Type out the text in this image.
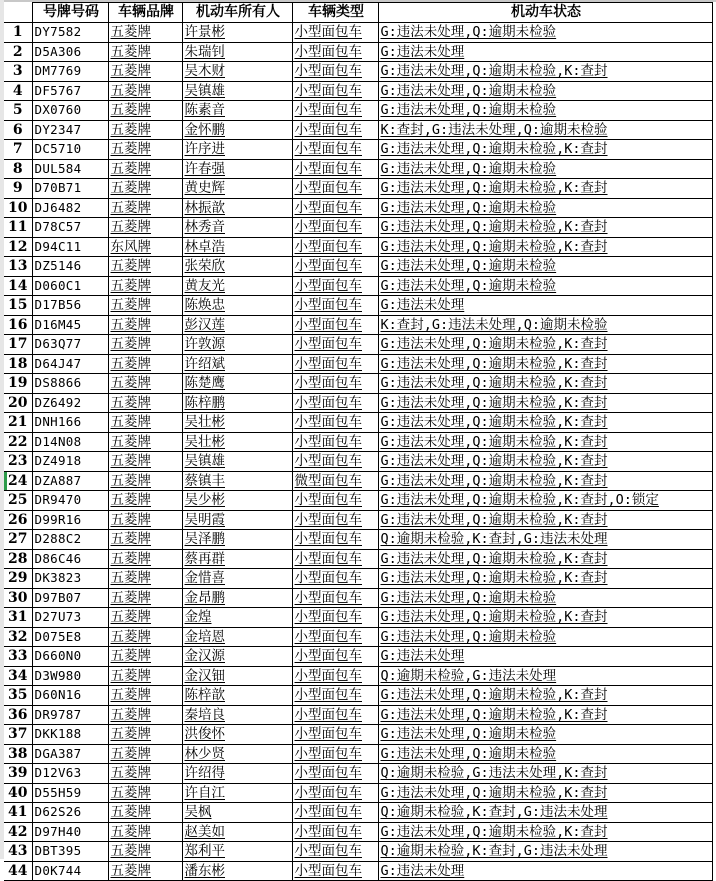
	号牌号码	车辆品牌	机动车所有人	车辆类型	机动车状态
1	DY7582	五菱牌	许景彬	小型面包车	G:违法未处理,Q:逾期未检验
2	D5A306	五菱牌	朱瑞钊	小型面包车	G:违法未处理
3	DM7769	五菱牌	吴木财	小型面包车	G:违法未处理,Q:逾期未检验,K:查封
4	DF5767	五菱牌	吴镇雄	小型面包车	G:违法未处理,Q:逾期未检验
5	DX0760	五菱牌	陈素音	小型面包车	G:违法未处理,Q:逾期未检验
6	DY2347	五菱牌	金怀鹏	小型面包车	K:查封,G:违法未处理,Q:逾期未检验
7	DC5710	五菱牌	许序进	小型面包车	G:违法未处理,Q:逾期未检验,K:查封
8	DUL584	五菱牌	许春强	小型面包车	G:违法未处理,Q:逾期未检验
9	D70B71	五菱牌	黄史辉	小型面包车	G:违法未处理,Q:逾期未检验,K:查封
10	DJ6482	五菱牌	林振歆	小型面包车	G:违法未处理,Q:逾期未检验
11	D78C57	五菱牌	林秀音	小型面包车	G:违法未处理,Q:逾期未检验,K:查封
12	D94C11	东风牌	林卓浩	小型面包车	G:违法未处理,Q:逾期未检验,K:查封
13	DZ5146	五菱牌	张荣欣	小型面包车	G:违法未处理,Q:逾期未检验
14	D060C1	五菱牌	黄友光	小型面包车	G:违法未处理,Q:逾期未检验
15	D17B56	五菱牌	陈焕忠	小型面包车	G:违法未处理
16	D16M45	五菱牌	彭汉莲	小型面包车	K:查封,G:违法未处理,Q:逾期未检验
17	D63Q77	五菱牌	许敦源	小型面包车	G:违法未处理,Q:逾期未检验,K:查封
18	D64J47	五菱牌	许绍斌	小型面包车	G:违法未处理,Q:逾期未检验,K:查封
19	DS8866	五菱牌	陈楚鹰	小型面包车	G:违法未处理,Q:逾期未检验,K:查封
20	DZ6492	五菱牌	陈梓鹏	小型面包车	G:违法未处理,Q:逾期未检验,K:查封
21	DNH166	五菱牌	吴壮彬	小型面包车	G:违法未处理,Q:逾期未检验,K:查封
22	D14N08	五菱牌	吴壮彬	小型面包车	G:违法未处理,Q:逾期未检验,K:查封
23	DZ4918	五菱牌	吴镇雄	小型面包车	G:违法未处理,Q:逾期未检验,K:查封
24	DZA887	五菱牌	蔡镇丰	微型面包车	G:违法未处理,Q:逾期未检验,K:查封
25	DR9470	五菱牌	吴少彬	小型面包车	G:违法未处理,Q:逾期未检验,K:查封,O:锁定
26	D99R16	五菱牌	吴明霞	小型面包车	G:违法未处理,Q:逾期未检验,K:查封
27	D288C2	五菱牌	吴泽鹏	小型面包车	Q:逾期未检验,K:查封,G:违法未处理
28	D86C46	五菱牌	蔡再群	小型面包车	G:违法未处理,Q:逾期未检验,K:查封
29	DK3823	五菱牌	金惜喜	小型面包车	G:违法未处理,Q:逾期未检验,K:查封
30	D97B07	五菱牌	金昂鹏	小型面包车	G:违法未处理,Q:逾期未检验
31	D27U73	五菱牌	金煌	小型面包车	G:违法未处理,Q:逾期未检验,K:查封
32	D075E8	五菱牌	金培恩	小型面包车	G:违法未处理,Q:逾期未检验
33	D660N0	五菱牌	金汉源	小型面包车	G:违法未处理
34	D3W980	五菱牌	金汉钿	小型面包车	Q:逾期未检验,G:违法未处理
35	D60N16	五菱牌	陈梓歆	小型面包车	G:违法未处理,Q:逾期未检验,K:查封
36	DR9787	五菱牌	秦培良	小型面包车	G:违法未处理,Q:逾期未检验,K:查封
37	DKK188	五菱牌	洪俊怀	小型面包车	G:违法未处理,Q:逾期未检验
38	DGA387	五菱牌	林少贤	小型面包车	G:违法未处理,Q:逾期未检验
39	D12V63	五菱牌	许绍得	小型面包车	Q:逾期未检验,G:违法未处理,K:查封
40	D55H59	五菱牌	许自江	小型面包车	G:违法未处理,Q:逾期未检验,K:查封
41	D62S26	五菱牌	吴枫	小型面包车	Q:逾期未检验,K:查封,G:违法未处理
42	D97H40	五菱牌	赵美如	小型面包车	G:违法未处理,Q:逾期未检验,K:查封
43	DBT395	五菱牌	郑利平	小型面包车	Q:逾期未检验,K:查封,G:违法未处理
44	D0K744	五菱牌	潘东彬	小型面包车	G:违法未处理
